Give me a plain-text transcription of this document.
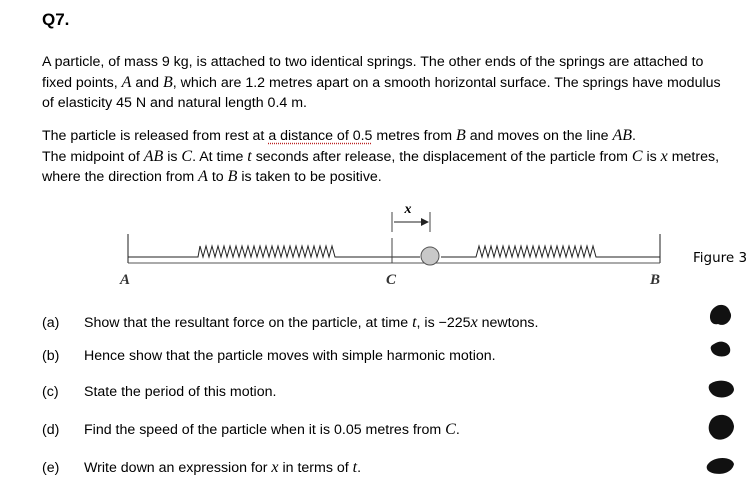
Q7.
A particle, of mass 9 kg, is attached to two identical springs. The other ends of the springs are attached to fixed points, A and B, which are 1.2 metres apart on a smooth horizontal surface. The springs have modulus of elasticity 45 N and natural length 0.4 m.
The particle is released from rest at a distance of 0.5 metres from B and moves on the line AB.
The midpoint of AB is C. At time t seconds after release, the displacement of the particle from C is x metres, where the direction from A to B is taken to be positive.
x
A	C	B
Figure 3
(a) Show that the resultant force on the particle, at time t, is −225x newtons.
(b) Hence show that the particle moves with simple harmonic motion.
(c) State the period of this motion.
(d) Find the speed of the particle when it is 0.05 metres from C.
(e) Write down an expression for x in terms of t.
